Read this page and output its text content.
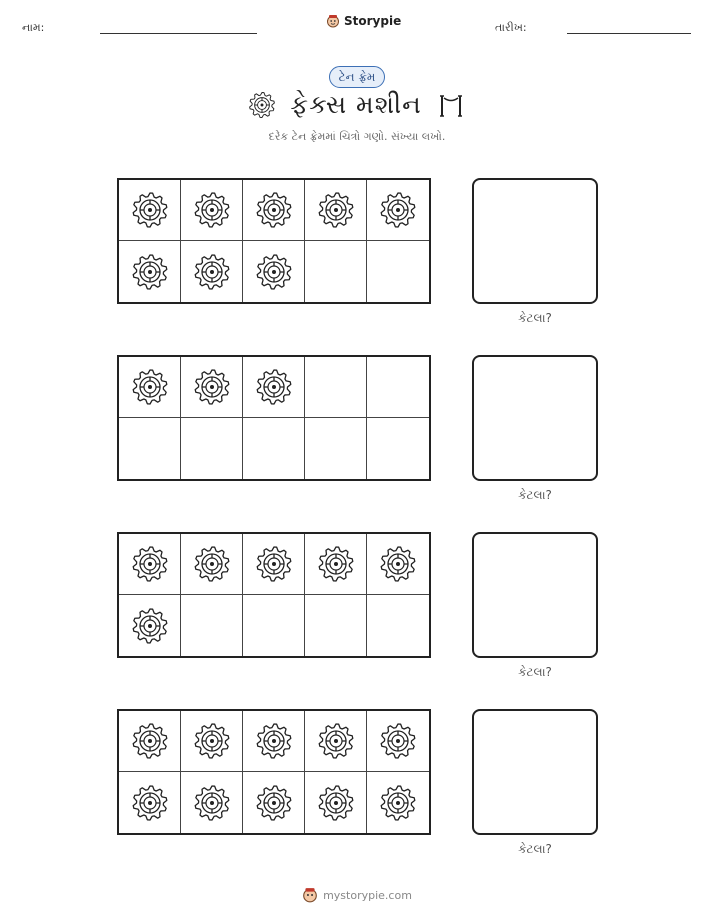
નામ:	Storypie	તારીખ:
ટેન ફ્રેમ
ફેક્સ મશીન
દરેક ટેન ફ્રેમમાં ચિત્રો ગણો. સંખ્યા લખો.
કેટલા?
કેટલા?
કેટલા?
કેટલા?
mystorypie.com
